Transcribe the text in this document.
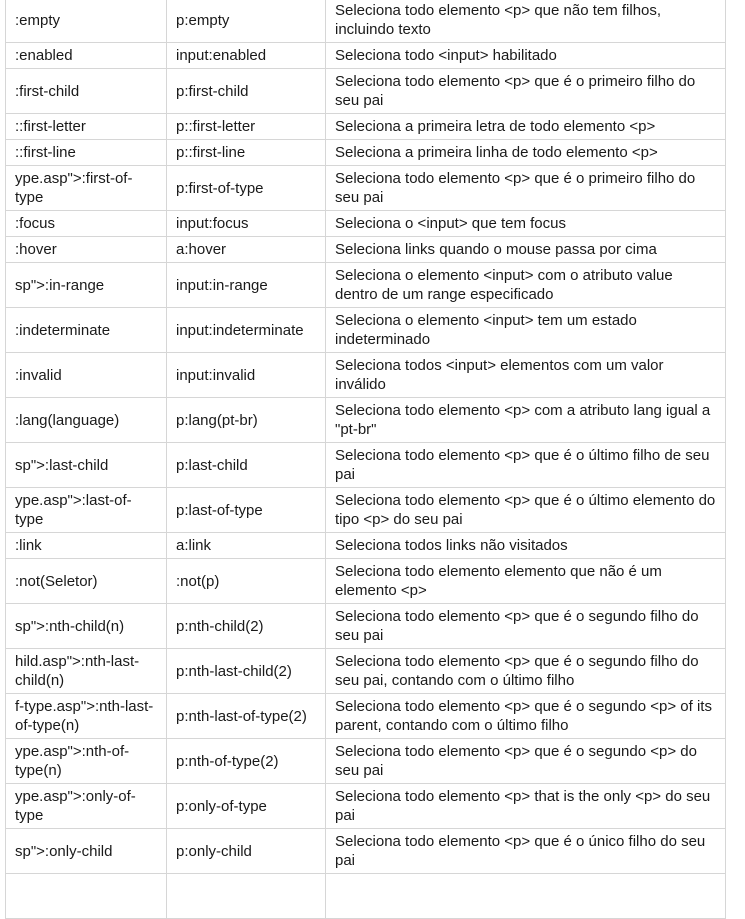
:empty	p:empty	Seleciona todo elemento <p> que não tem filhos, incluindo texto
:enabled	input:enabled	Seleciona todo <input> habilitado
:first-child	p:first-child	Seleciona todo elemento <p> que é o primeiro filho do seu pai
::first-letter	p::first-letter	Seleciona a primeira letra de todo elemento <p>
::first-line	p::first-line	Seleciona a primeira linha de todo elemento <p>
ype.asp">:first-of-type	p:first-of-type	Seleciona todo elemento <p> que é o primeiro filho do seu pai
:focus	input:focus	Seleciona o <input> que tem focus
:hover	a:hover	Seleciona links quando o mouse passa por cima
sp">:in-range	input:in-range	Seleciona o elemento <input> com o atributo value dentro de um range especificado
:indeterminate	input:indeterminate	Seleciona o elemento <input> tem um estado indeterminado
:invalid	input:invalid	Seleciona todos <input> elementos com um valor inválido
:lang(language)	p:lang(pt-br)	Seleciona todo elemento <p> com a atributo lang igual a "pt-br"
sp">:last-child	p:last-child	Seleciona todo elemento <p> que é o último filho de seu pai
ype.asp">:last-of-type	p:last-of-type	Seleciona todo elemento <p> que é o último elemento do tipo <p> do seu pai
:link	a:link	Seleciona todos links não visitados
:not(Seletor)	:not(p)	Seleciona todo elemento elemento que não é um elemento <p>
sp">:nth-child(n)	p:nth-child(2)	Seleciona todo elemento <p> que é o segundo filho do seu pai
hild.asp">:nth-last-child(n)	p:nth-last-child(2)	Seleciona todo elemento <p> que é o segundo filho do seu pai, contando com o último filho
f-type.asp">:nth-last-of-type(n)	p:nth-last-of-type(2)	Seleciona todo elemento <p> que é o segundo <p> of its parent, contando com o último filho
ype.asp">:nth-of-type(n)	p:nth-of-type(2)	Seleciona todo elemento <p> que é o segundo <p> do seu pai
ype.asp">:only-of-type	p:only-of-type	Seleciona todo elemento <p> that is the only <p> do seu pai
sp">:only-child	p:only-child	Seleciona todo elemento <p> que é o único filho do seu pai
